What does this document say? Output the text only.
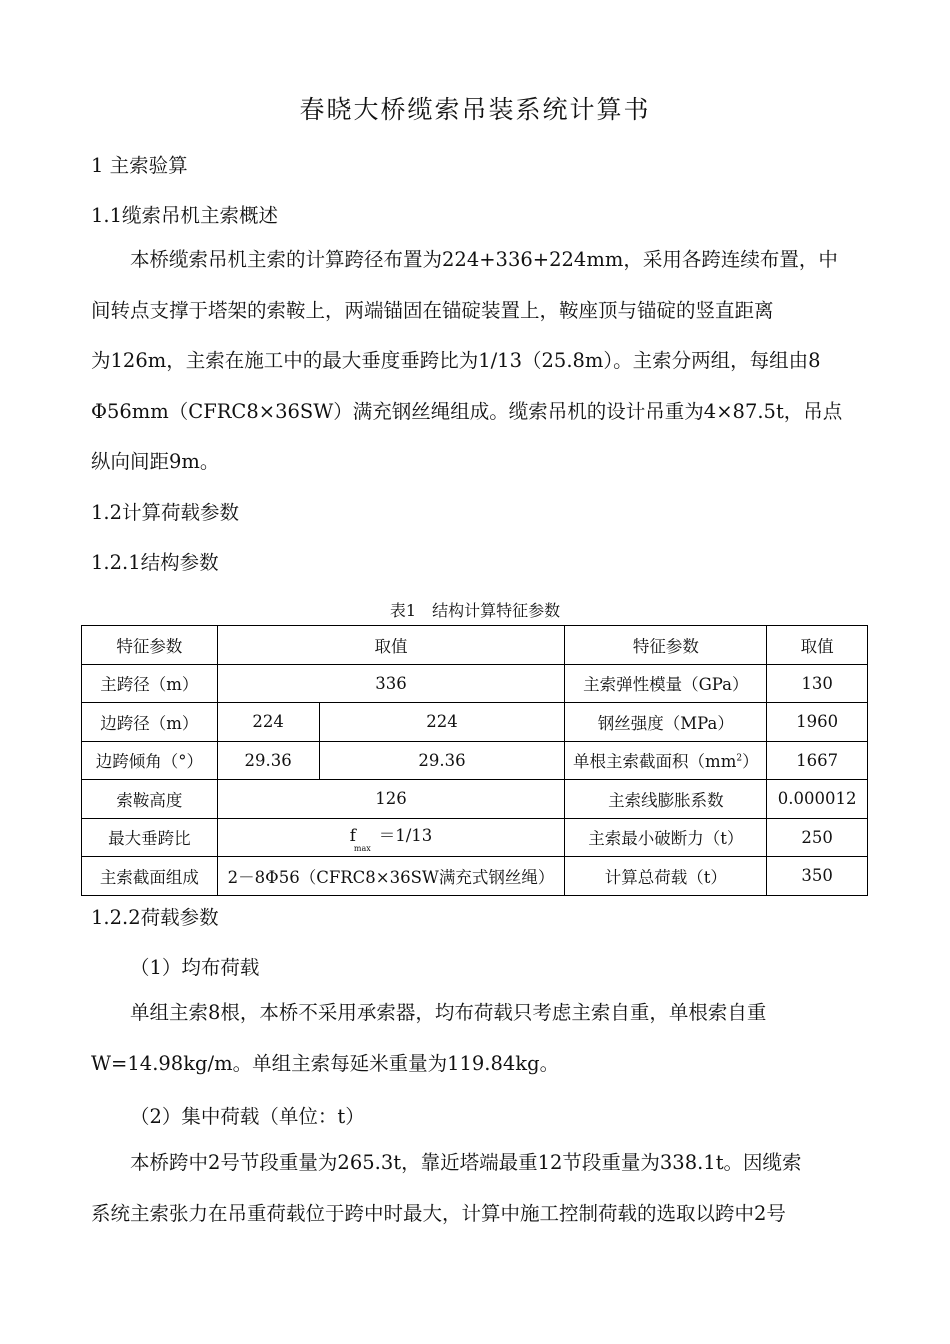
春晓大桥缆索吊装系统计算书
1 主索验算
1.1缆索吊机主索概述
本桥缆索吊机主索的计算跨径布置为224+336+224mm，采用各跨连续布置，中
间转点支撑于塔架的索鞍上，两端锚固在锚碇装置上，鞍座顶与锚碇的竖直距离
为126m，主索在施工中的最大垂度垂跨比为1/13（25.8m）。主索分两组，每组由8
Φ56mm（CFRC8×36SW）满充钢丝绳组成。缆索吊机的设计吊重为4×87.5t，吊点
纵向间距9m。
1.2计算荷载参数
1.2.1结构参数
表1　结构计算特征参数
特征参数	取值		特征参数	取值
主跨径（m）	336		主索弹性模量（GPa）	130
边跨径（m）	224	224	钢丝强度（MPa）	1960
边跨倾角（°）	29.36	29.36	单根主索截面积$(mm^2)$	1667
索鞍高度	126		主索线膨胀系数	0.000012
最大垂跨比	$f_{max}=1/13$		主索最小破断力（t）	250
主索截面组成	2－8Φ56（CFRC8×36SW满充式钢丝绳）		计算总荷载（t）	350
1.2.2荷载参数
（1）均布荷载
单组主索8根，本桥不采用承索器，均布荷载只考虑主索自重，单根索自重
W=14.98kg/m。单组主索每延米重量为119.84kg。
（2）集中荷载（单位：t）
本桥跨中2号节段重量为265.3t，靠近塔端最重12节段重量为338.1t。因缆索
系统主索张力在吊重荷载位于跨中时最大，计算中施工控制荷载的选取以跨中2号
